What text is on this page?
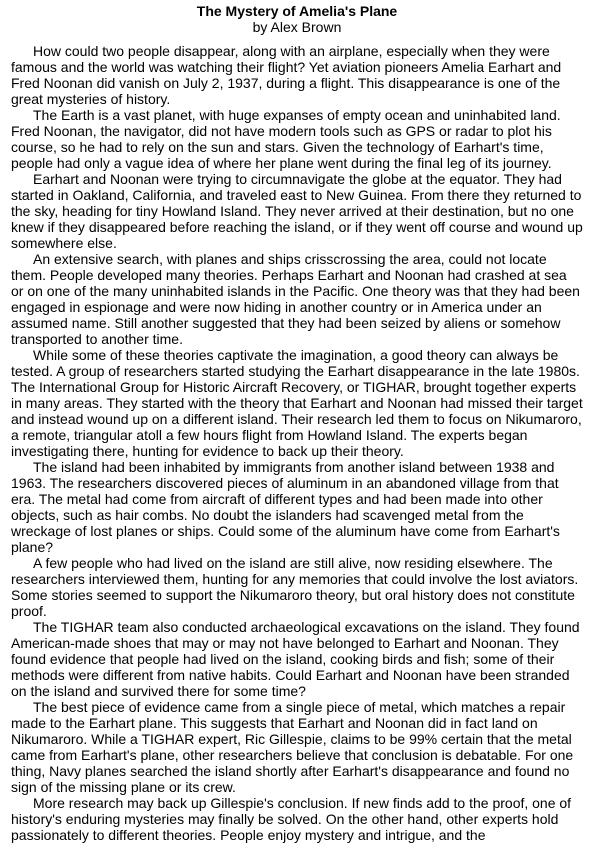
The Mystery of Amelia's Plane
by Alex Brown

How could two people disappear, along with an airplane, especially when they were famous and the world was watching their flight? Yet aviation pioneers Amelia Earhart and Fred Noonan did vanish on July 2, 1937, during a flight. This disappearance is one of the great mysteries of history.

The Earth is a vast planet, with huge expanses of empty ocean and uninhabited land. Fred Noonan, the navigator, did not have modern tools such as GPS or radar to plot his course, so he had to rely on the sun and stars. Given the technology of Earhart's time, people had only a vague idea of where her plane went during the final leg of its journey.

Earhart and Noonan were trying to circumnavigate the globe at the equator. They had started in Oakland, California, and traveled east to New Guinea. From there they returned to the sky, heading for tiny Howland Island. They never arrived at their destination, but no one knew if they disappeared before reaching the island, or if they went off course and wound up somewhere else.

An extensive search, with planes and ships crisscrossing the area, could not locate them. People developed many theories. Perhaps Earhart and Noonan had crashed at sea or on one of the many uninhabited islands in the Pacific. One theory was that they had been engaged in espionage and were now hiding in another country or in America under an assumed name. Still another suggested that they had been seized by aliens or somehow transported to another time.

While some of these theories captivate the imagination, a good theory can always be tested. A group of researchers started studying the Earhart disappearance in the late 1980s. The International Group for Historic Aircraft Recovery, or TIGHAR, brought together experts in many areas. They started with the theory that Earhart and Noonan had missed their target and instead wound up on a different island. Their research led them to focus on Nikumaroro, a remote, triangular atoll a few hours flight from Howland Island. The experts began investigating there, hunting for evidence to back up their theory.

The island had been inhabited by immigrants from another island between 1938 and 1963. The researchers discovered pieces of aluminum in an abandoned village from that era. The metal had come from aircraft of different types and had been made into other objects, such as hair combs. No doubt the islanders had scavenged metal from the wreckage of lost planes or ships. Could some of the aluminum have come from Earhart's plane?

A few people who had lived on the island are still alive, now residing elsewhere. The researchers interviewed them, hunting for any memories that could involve the lost aviators. Some stories seemed to support the Nikumaroro theory, but oral history does not constitute proof.

The TIGHAR team also conducted archaeological excavations on the island. They found American-made shoes that may or may not have belonged to Earhart and Noonan. They found evidence that people had lived on the island, cooking birds and fish; some of their methods were different from native habits. Could Earhart and Noonan have been stranded on the island and survived there for some time?

The best piece of evidence came from a single piece of metal, which matches a repair made to the Earhart plane. This suggests that Earhart and Noonan did in fact land on Nikumaroro. While a TIGHAR expert, Ric Gillespie, claims to be 99% certain that the metal came from Earhart's plane, other researchers believe that conclusion is debatable. For one thing, Navy planes searched the island shortly after Earhart's disappearance and found no sign of the missing plane or its crew.

More research may back up Gillespie's conclusion. If new finds add to the proof, one of history's enduring mysteries may finally be solved. On the other hand, other experts hold passionately to different theories. People enjoy mystery and intrigue, and the
